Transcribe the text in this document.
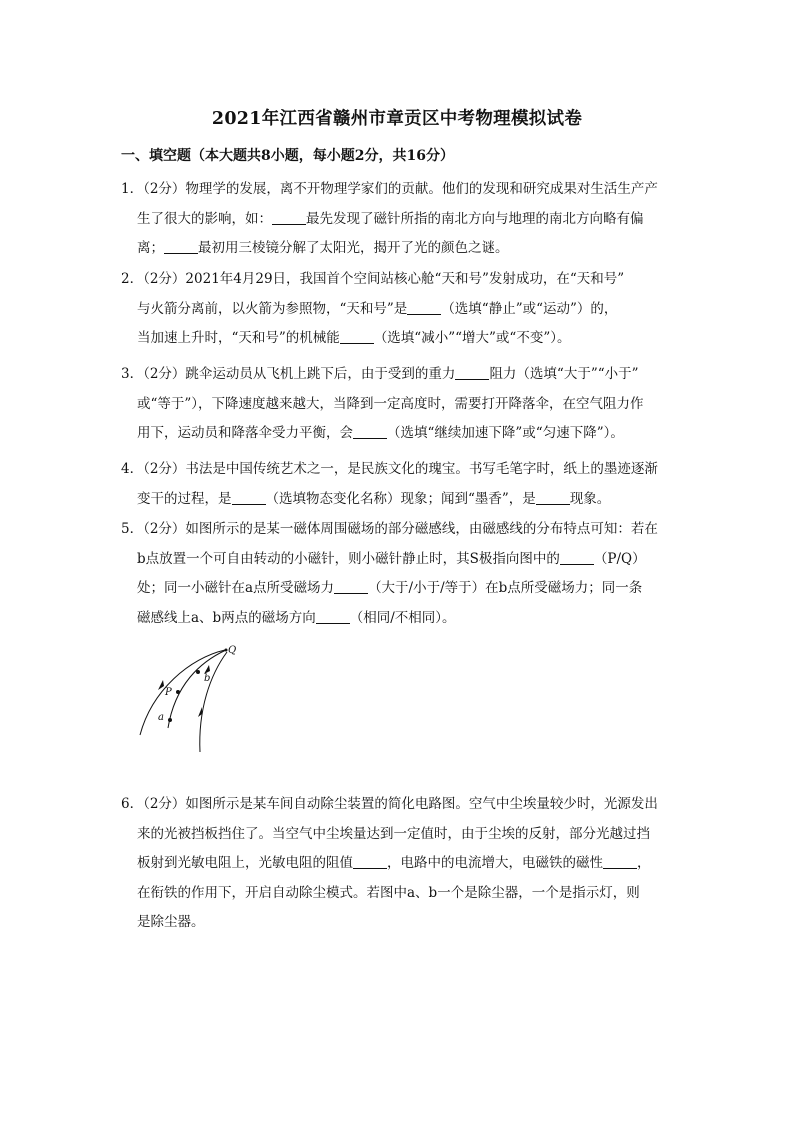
2021年江西省赣州市章贡区中考物理模拟试卷
一、填空题（本大题共8小题，每小题2分，共16分）
1．（2分）物理学的发展，离不开物理学家们的贡献。他们的发现和研究成果对生活生产产
生了很大的影响，如：	最先发现了磁针所指的南北方向与地理的南北方向略有偏
离；	最初用三棱镜分解了太阳光，揭开了光的颜色之谜。
2．（2分）2021年4月29日，我国首个空间站核心舱“天和号”发射成功，在“天和号”
与火箭分离前，以火箭为参照物，“天和号”是	（选填“静止”或“运动”）的，
当加速上升时，“天和号”的机械能	（选填“减小”“增大”或“不变”）。
3．（2分）跳伞运动员从飞机上跳下后，由于受到的重力	阻力（选填“大于”“小于”
或“等于”），下降速度越来越大，当降到一定高度时，需要打开降落伞，在空气阻力作
用下，运动员和降落伞受力平衡，会	（选填“继续加速下降”或“匀速下降”）。
4．（2分）书法是中国传统艺术之一，是民族文化的瑰宝。书写毛笔字时，纸上的墨迹逐渐
变干的过程，是	（选填物态变化名称）现象；闻到“墨香”，是	现象。
5．（2分）如图所示的是某一磁体周围磁场的部分磁感线，由磁感线的分布特点可知：若在
b点放置一个可自由转动的小磁针，则小磁针静止时，其S极指向图中的	（P/Q）
处；同一小磁针在a点所受磁场力	（大于/小于/等于）在b点所受磁场力；同一条
磁感线上a、b两点的磁场方向	（相同/不相同）。
6．（2分）如图所示是某车间自动除尘装置的简化电路图。空气中尘埃量较少时，光源发出
来的光被挡板挡住了。当空气中尘埃量达到一定值时，由于尘埃的反射，部分光越过挡
板射到光敏电阻上，光敏电阻的阻值	，电路中的电流增大，电磁铁的磁性	，
在衔铁的作用下，开启自动除尘模式。若图中a、b一个是除尘器，一个是指示灯，则
是除尘器。
Q
P
b
a
